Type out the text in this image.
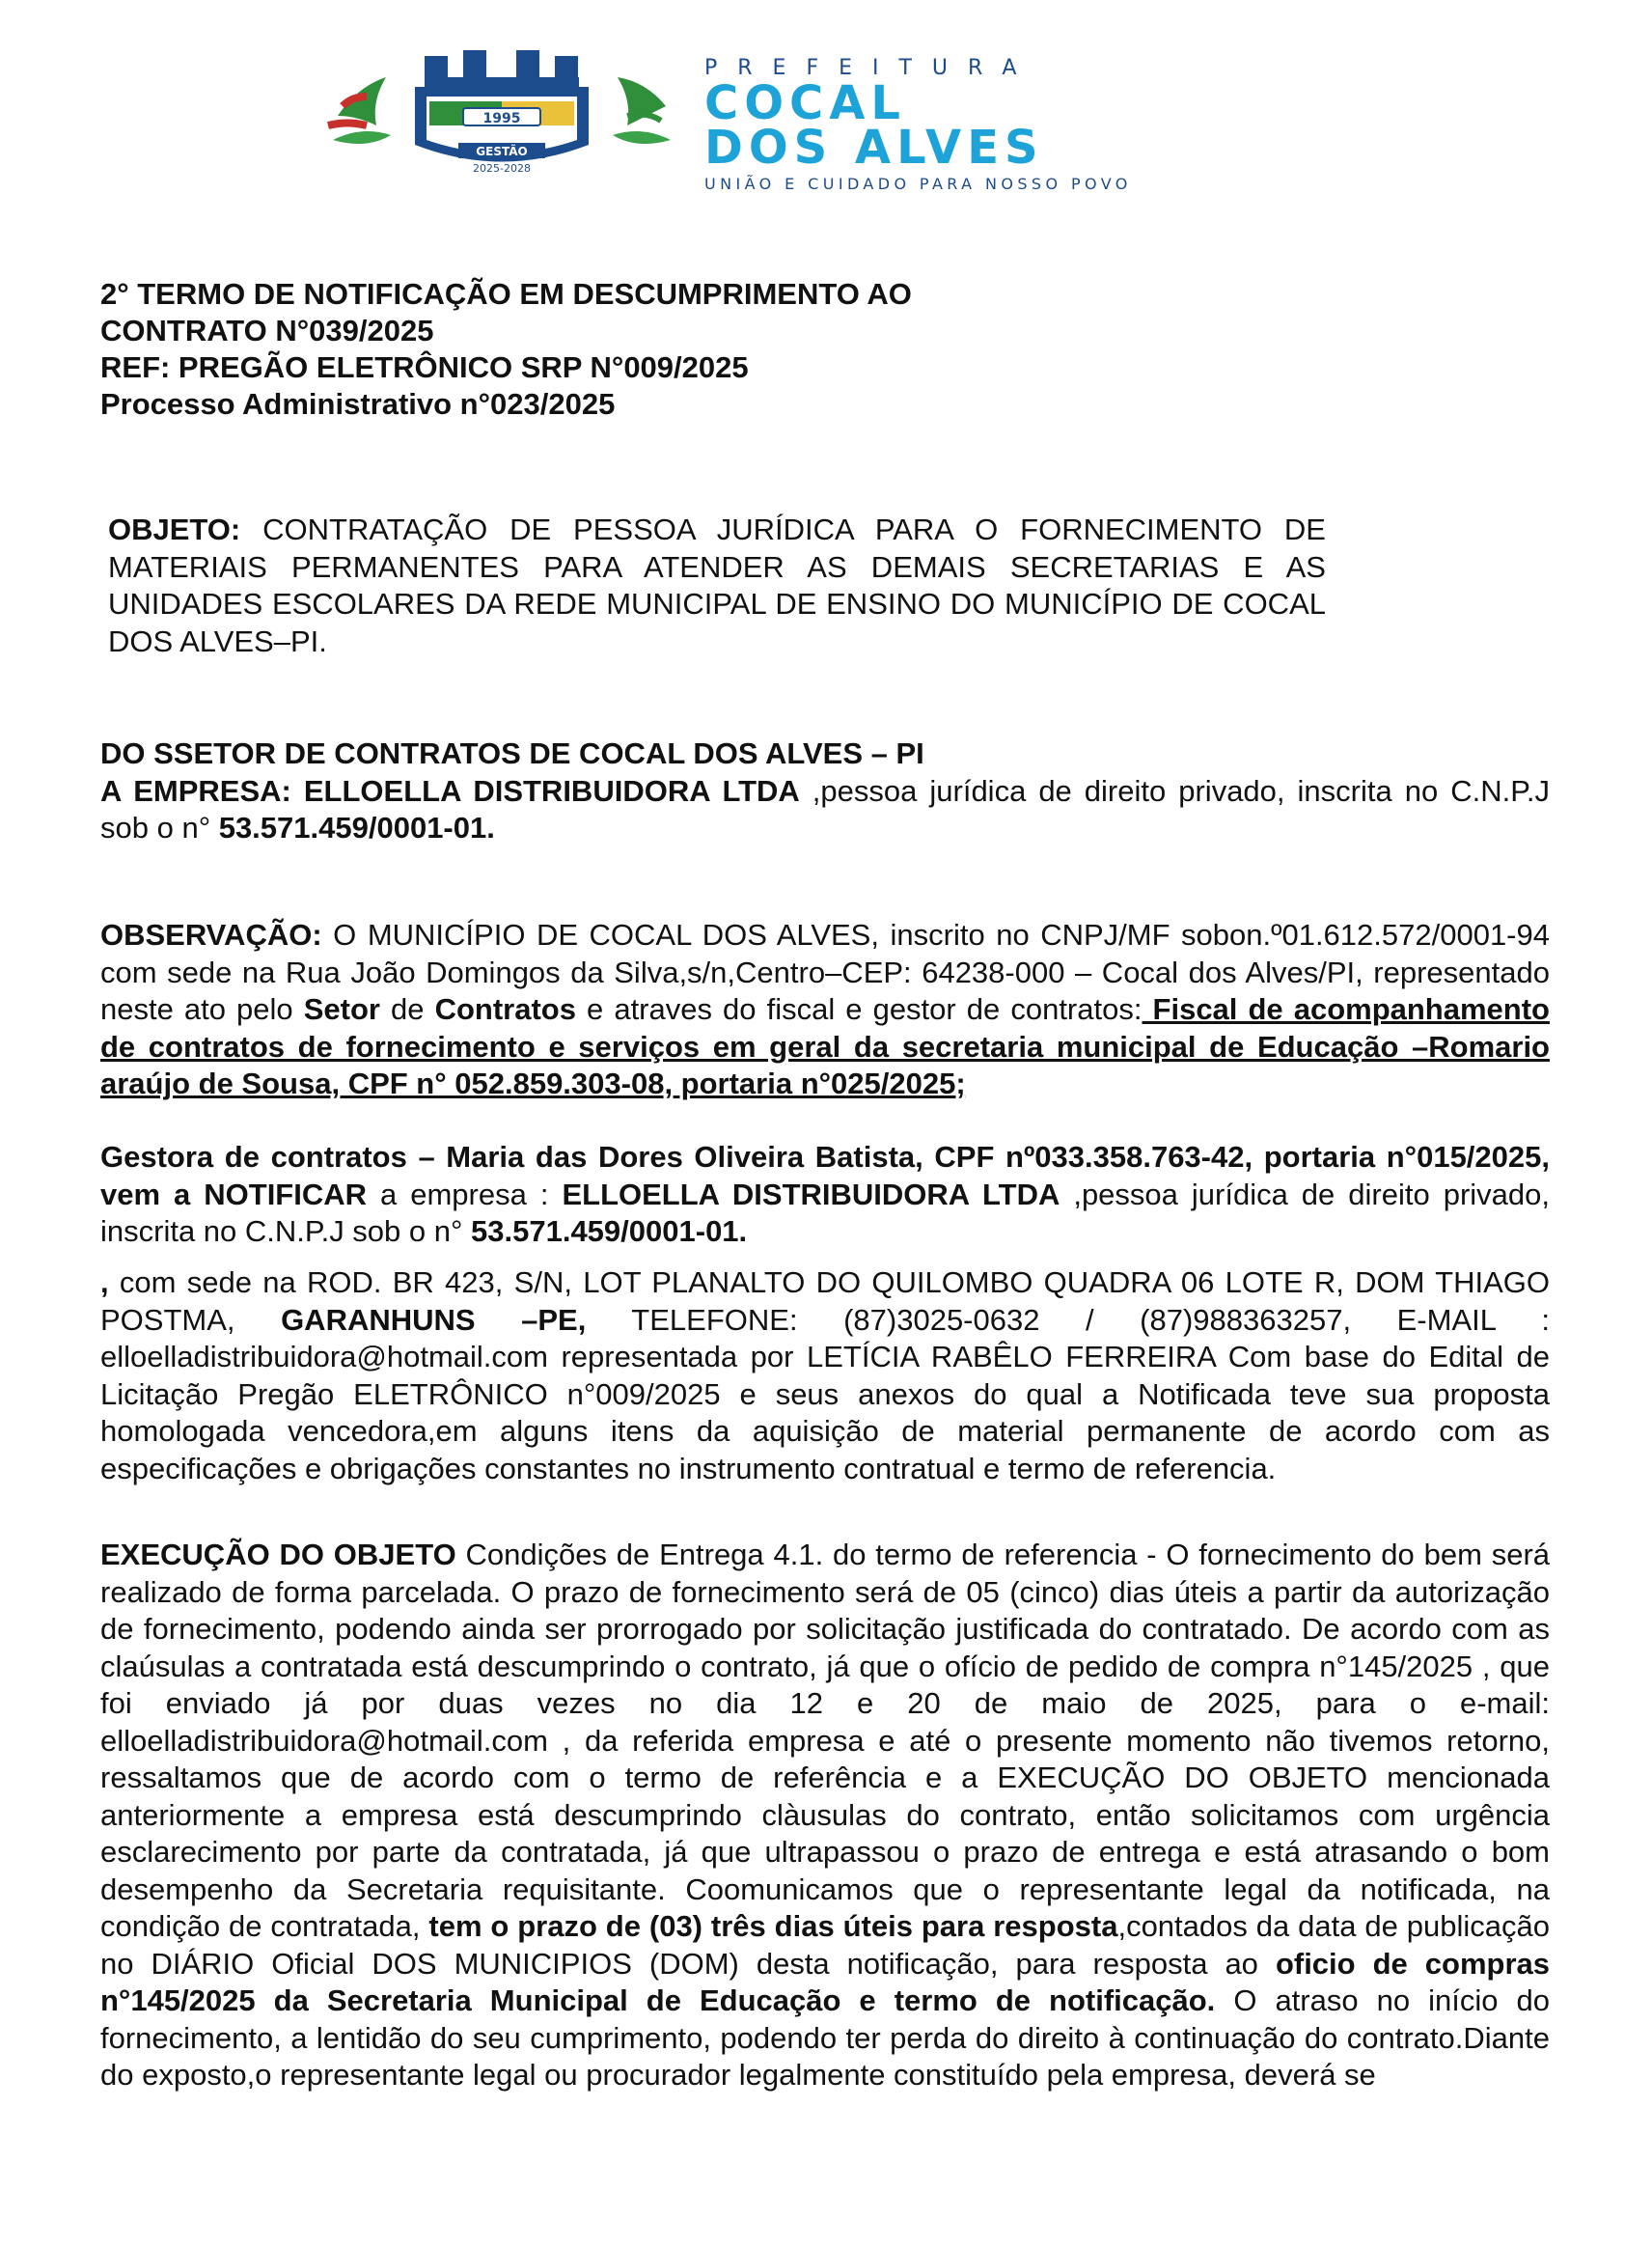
1995
GESTÃO
2025-2028
PREFEITURA
COCAL
DOS ALVES
UNIÃO E CUIDADO PARA NOSSO POVO
2° TERMO DE NOTIFICAÇÃO EM DESCUMPRIMENTO AO
CONTRATO N°039/2025
REF: PREGÃO ELETRÔNICO SRP N°009/2025
Processo Administrativo n°023/2025
OBJETO: CONTRATAÇÃO DE PESSOA JURÍDICA PARA O FORNECIMENTO DE MATERIAIS PERMANENTES PARA ATENDER AS DEMAIS SECRETARIAS E AS UNIDADES ESCOLARES DA REDE MUNICIPAL DE ENSINO DO MUNICÍPIO DE COCAL DOS ALVES–PI.
DO SSETOR DE CONTRATOS DE COCAL DOS ALVES – PI
A EMPRESA: ELLOELLA DISTRIBUIDORA LTDA ,pessoa jurídica de direito privado, inscrita no C.N.P.J sob o n° 53.571.459/0001-01.
OBSERVAÇÃO: O MUNICÍPIO DE COCAL DOS ALVES, inscrito no CNPJ/MF sobon.º01.612.572/0001-94 com sede na Rua João Domingos da Silva,s/n,Centro–CEP: 64238-000 – Cocal dos Alves/PI, representado neste ato pelo Setor de Contratos e atraves do fiscal e gestor de contratos: Fiscal de acompanhamento de contratos de fornecimento e serviços em geral da secretaria municipal de Educação –Romario araújo de Sousa, CPF n° 052.859.303-08, portaria n°025/2025;
Gestora de contratos – Maria das Dores Oliveira Batista, CPF nº033.358.763-42, portaria n°015/2025, vem a NOTIFICAR a empresa : ELLOELLA DISTRIBUIDORA LTDA ,pessoa jurídica de direito privado, inscrita no C.N.P.J sob o n° 53.571.459/0001-01.
, com sede na ROD. BR 423, S/N, LOT PLANALTO DO QUILOMBO QUADRA 06 LOTE R, DOM THIAGO POSTMA, GARANHUNS –PE, TELEFONE: (87)3025-0632 / (87)988363257, E-MAIL : elloelladistribuidora@hotmail.com representada por LETÍCIA RABÊLO FERREIRA Com base do Edital de Licitação Pregão ELETRÔNICO n°009/2025 e seus anexos do qual a Notificada teve sua proposta homologada vencedora,em alguns itens da aquisição de material permanente de acordo com as especificações e obrigações constantes no instrumento contratual e termo de referencia.
EXECUÇÃO DO OBJETO Condições de Entrega 4.1. do termo de referencia - O fornecimento do bem será realizado de forma parcelada. O prazo de fornecimento será de 05 (cinco) dias úteis a partir da autorização de fornecimento, podendo ainda ser prorrogado por solicitação justificada do contratado. De acordo com as claúsulas a contratada está descumprindo o contrato, já que o ofício de pedido de compra n°145/2025 , que foi enviado já por duas vezes no dia 12 e 20 de maio de 2025, para o e-mail: elloelladistribuidora@hotmail.com , da referida empresa e até o presente momento não tivemos retorno, ressaltamos que de acordo com o termo de referência e a EXECUÇÃO DO OBJETO mencionada anteriormente a empresa está descumprindo clàusulas do contrato, então solicitamos com urgência esclarecimento por parte da contratada, já que ultrapassou o prazo de entrega e está atrasando o bom desempenho da Secretaria requisitante. Coomunicamos que o representante legal da notificada, na condição de contratada, tem o prazo de (03) três dias úteis para resposta,contados da data de publicação no DIÁRIO Oficial DOS MUNICIPIOS (DOM) desta notificação, para resposta ao oficio de compras n°145/2025 da Secretaria Municipal de Educação e termo de notificação. O atraso no início do fornecimento, a lentidão do seu cumprimento, podendo ter perda do direito à continuação do contrato.Diante do exposto,o representante legal ou procurador legalmente constituído pela empresa, deverá se
